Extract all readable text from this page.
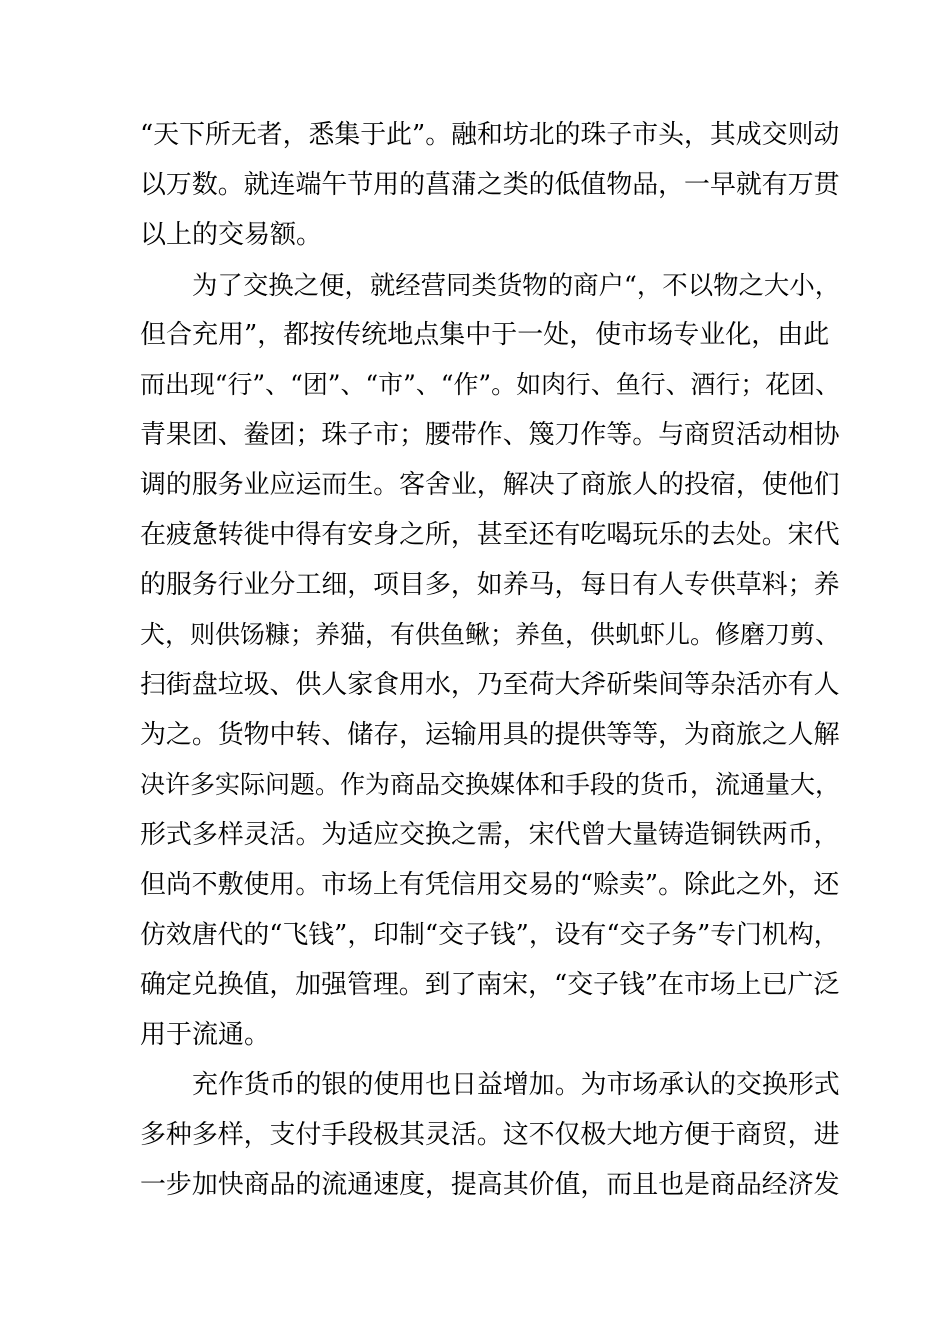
“天下所无者，悉集于此”。融和坊北的珠子市头，其成交则动
以万数。就连端午节用的菖蒲之类的低值物品，一早就有万贯
以上的交易额。
为了交换之便，就经营同类货物的商户“，不以物之大小，
但合充用”，都按传统地点集中于一处，使市场专业化，由此
而出现“行”、“团”、“市”、“作”。如肉行、鱼行、酒行；花团、
青果团、鲞团；珠子市；腰带作、篾刀作等。与商贸活动相协
调的服务业应运而生。客舍业，解决了商旅人的投宿，使他们
在疲惫转徙中得有安身之所，甚至还有吃喝玩乐的去处。宋代
的服务行业分工细，项目多，如养马，每日有人专供草料；养
犬，则供饧糠；养猫，有供鱼鳅；养鱼，供虮虾儿。修磨刀剪、
扫街盘垃圾、供人家食用水，乃至荷大斧斫柴间等杂活亦有人
为之。货物中转、储存，运输用具的提供等等，为商旅之人解
决许多实际问题。作为商品交换媒体和手段的货币，流通量大，
形式多样灵活。为适应交换之需，宋代曾大量铸造铜铁两币，
但尚不敷使用。市场上有凭信用交易的“赊卖”。除此之外，还
仿效唐代的“飞钱”，印制“交子钱”，设有“交子务”专门机构，
确定兑换值，加强管理。到了南宋，“交子钱”在市场上已广泛
用于流通。
充作货币的银的使用也日益增加。为市场承认的交换形式
多种多样，支付手段极其灵活。这不仅极大地方便于商贸，进
一步加快商品的流通速度，提高其价值，而且也是商品经济发
